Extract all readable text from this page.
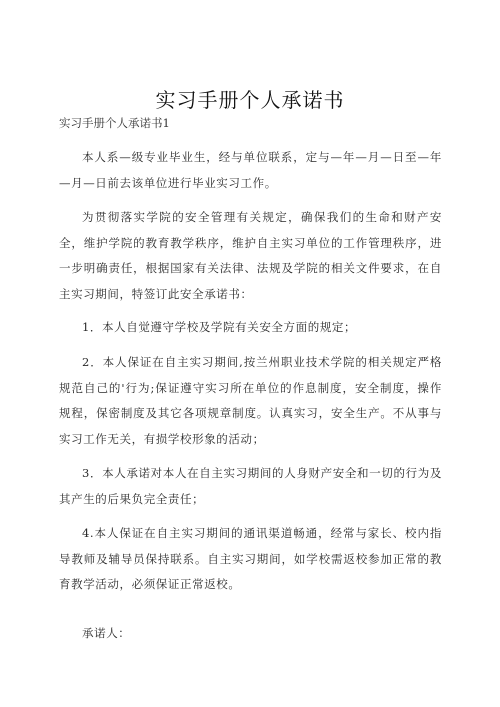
实习手册个人承诺书
实习手册个人承诺书1

本人系—级专业毕业生，经与单位联系，定与—年—月—日至—年—月—日前去该单位进行毕业实习工作。

为贯彻落实学院的安全管理有关规定，确保我们的生命和财产安全，维护学院的教育教学秩序，维护自主实习单位的工作管理秩序，进一步明确责任，根据国家有关法律、法规及学院的相关文件要求，在自主实习期间，特签订此安全承诺书：

1．本人自觉遵守学校及学院有关安全方面的规定；

2．本人保证在自主实习期间,按兰州职业技术学院的相关规定严格规范自己的'行为;保证遵守实习所在单位的作息制度，安全制度，操作规程，保密制度及其它各项规章制度。认真实习，安全生产。不从事与实习工作无关，有损学校形象的活动；

3．本人承诺对本人在自主实习期间的人身财产安全和一切的行为及其产生的后果负完全责任；

4.本人保证在自主实习期间的通讯渠道畅通，经常与家长、校内指导教师及辅导员保持联系。自主实习期间，如学校需返校参加正常的教育教学活动，必须保证正常返校。

承诺人：
